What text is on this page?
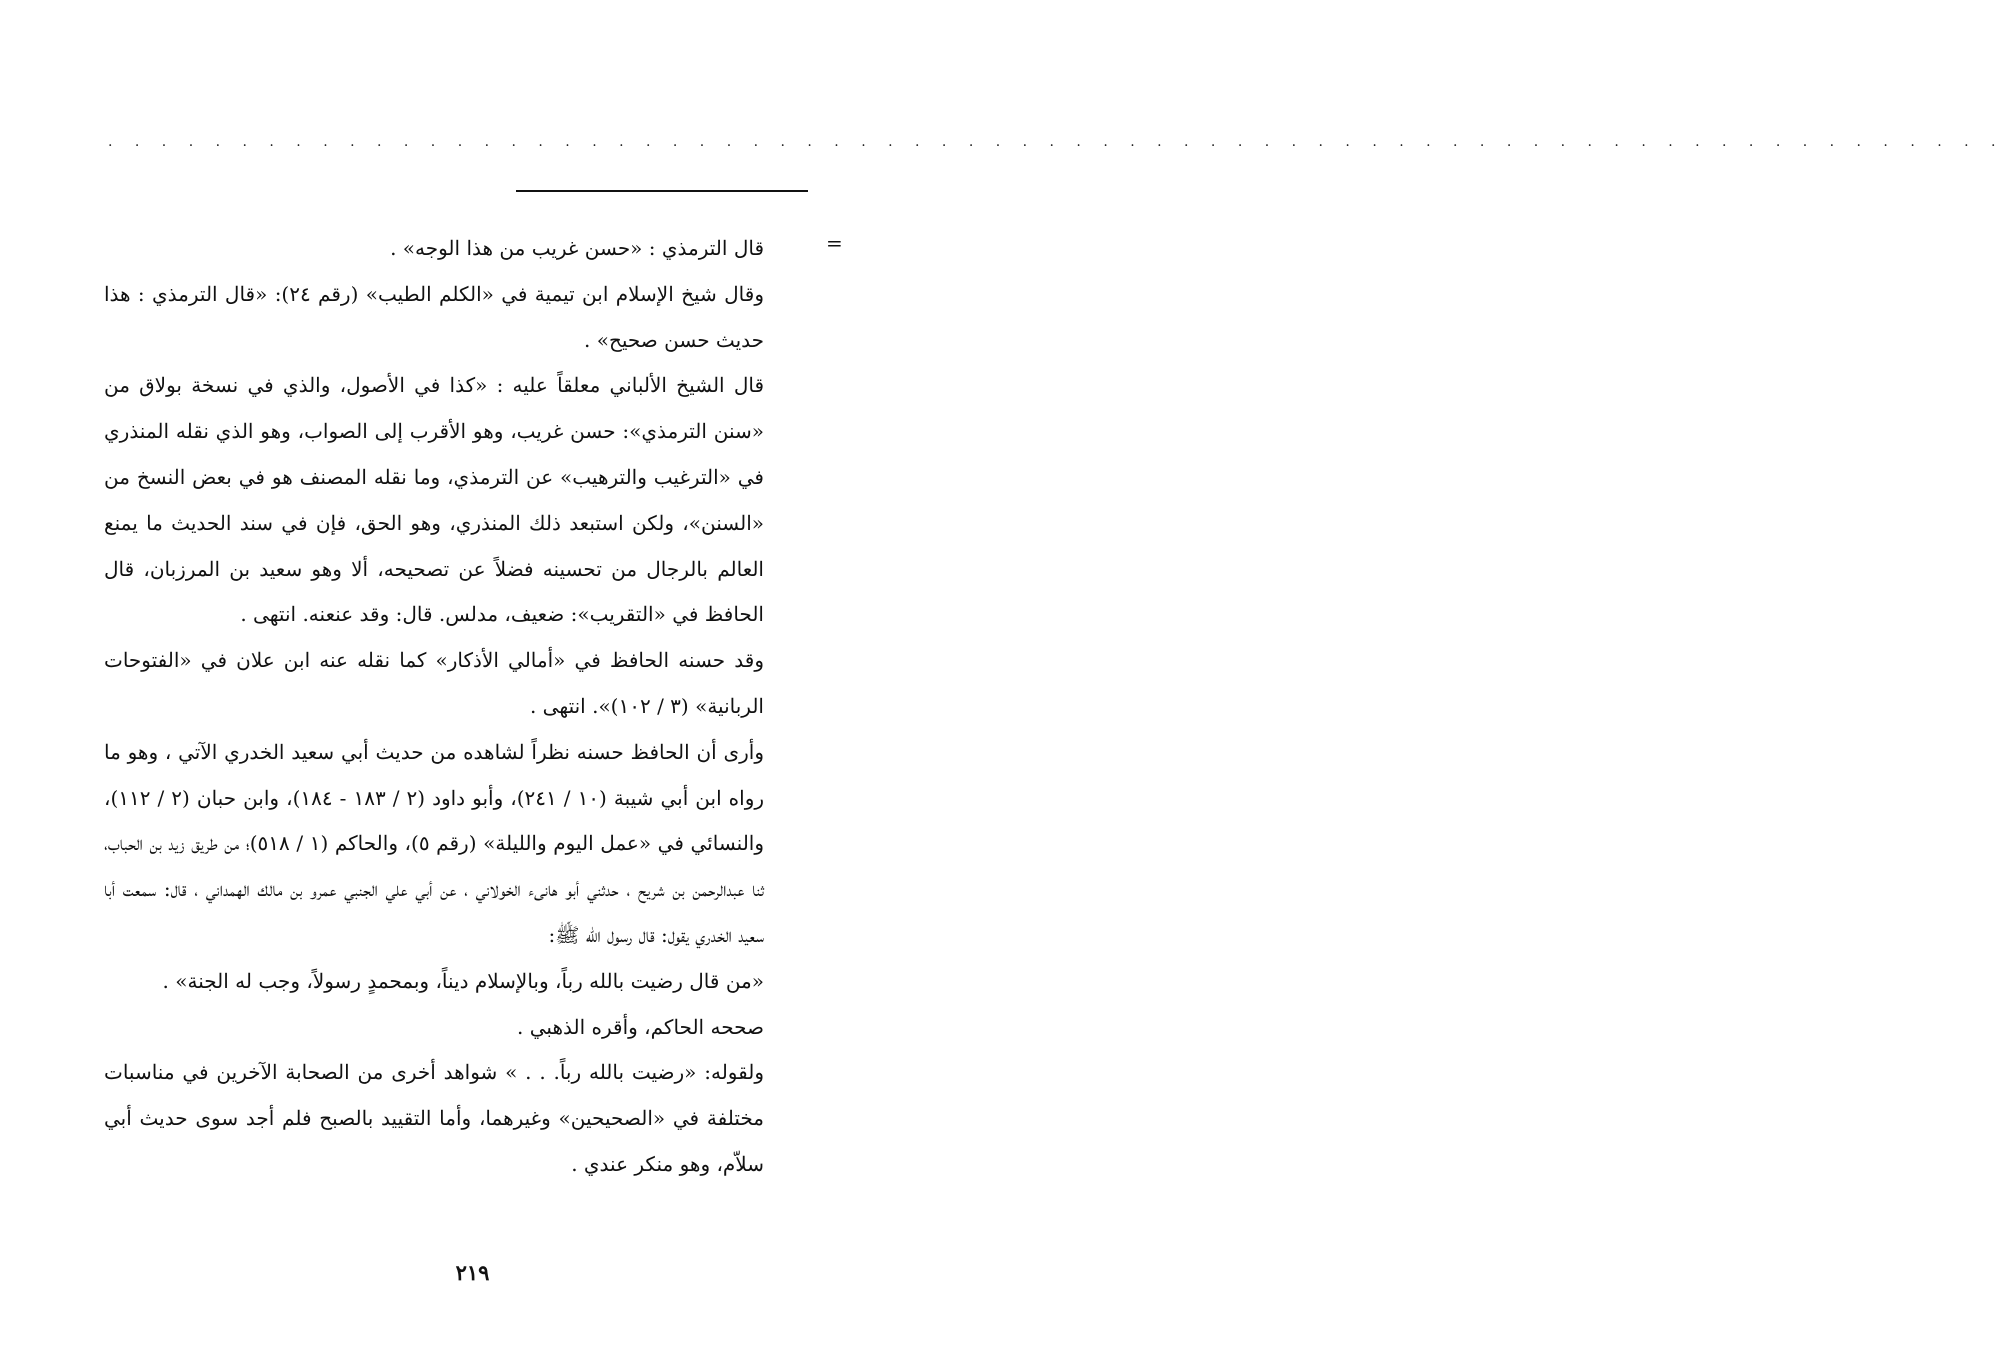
. . . . . . . . . . . . . . . . . . . . . . . . . . . . . . . . . . . . . . . . . . . . . . . . . . . . . . . . . . . . . . . . . . . . . . .
=

قال الترمذي : «حسن غريب من هذا الوجه» .

وقال شيخ الإسلام ابن تيمية في «الكلم الطيب» (رقم ٢٤): «قال الترمذي : هذا حديث حسن صحيح» .

قال الشيخ الألباني معلقاً عليه : «كذا في الأصول، والذي في نسخة بولاق من «سنن الترمذي»: حسن غريب، وهو الأقرب إلى الصواب، وهو الذي نقله المنذري في «الترغيب والترهيب» عن الترمذي، وما نقله المصنف هو في بعض النسخ من «السنن»، ولكن استبعد ذلك المنذري، وهو الحق، فإن في سند الحديث ما يمنع العالم بالرجال من تحسينه فضلاً عن تصحيحه، ألا وهو سعيد بن المرزبان، قال الحافظ في «التقريب»: ضعيف، مدلس. قال: وقد عنعنه. انتهى .

وقد حسنه الحافظ في «أمالي الأذكار» كما نقله عنه ابن علان في «الفتوحات الربانية» (٣ / ١٠٢)». انتهى .

وأرى أن الحافظ حسنه نظراً لشاهده من حديث أبي سعيد الخدري الآتي ، وهو ما رواه ابن أبي شيبة (١٠ / ٢٤١)، وأبو داود (٢ / ١٨٣ - ١٨٤)، وابن حبان (٢ / ١١٢)، والنسائي في «عمل اليوم والليلة» (رقم ٥)، والحاكم (١ / ٥١٨)؛ من طريق زيد بن الحباب، ثنا عبدالرحمن بن شريح ، حدثني أبو هانىء الخولاني ، عن أبي علي الجنبي عمرو بن مالك الهمداني ، قال: سمعت أبا سعيد الخدري يقول: قال رسول الله ﷺ:

«من قال رضيت بالله رباً، وبالإسلام ديناً، وبمحمدٍ رسولاً، وجب له الجنة» .

صححه الحاكم، وأقره الذهبي .

ولقوله: «رضيت بالله رباً. . . » شواهد أخرى من الصحابة الآخرين في مناسبات مختلفة في «الصحيحين» وغيرهما، وأما التقييد بالصبح فلم أجد سوى حديث أبي سلاّم، وهو منكر عندي .

٢١٩
